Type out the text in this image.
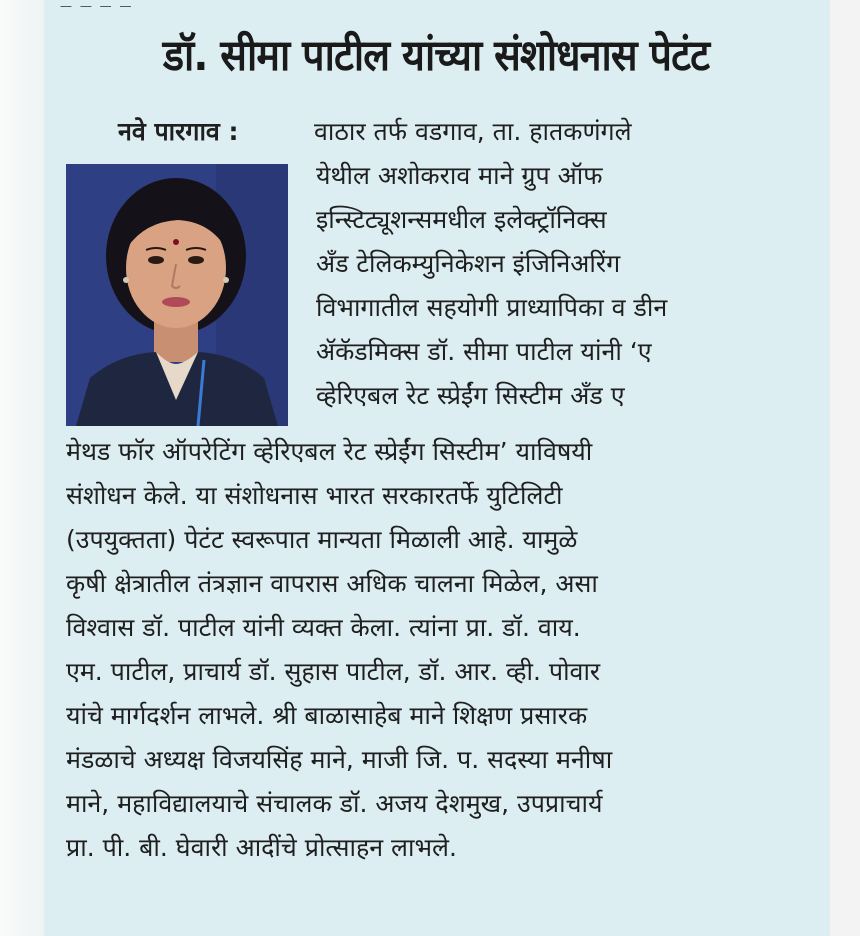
— — — —
डॉ. सीमा पाटील यांच्या संशोधनास पेटंट
नवे पारगाव :	वाठार तर्फ वडगाव, ता. हातकणंगले
येथील अशोकराव माने ग्रुप ऑफ
इन्स्टिट्यूशन्समधील इलेक्ट्रॉनिक्स
अँड टेलिकम्युनिकेशन इंजिनिअरिंग
विभागातील सहयोगी प्राध्यापिका व डीन
ॲकॅडमिक्स डॉ. सीमा पाटील यांनी ‘ए
व्हेरिएबल रेट स्प्रेईंग सिस्टीम अँड ए
मेथड फॉर ऑपरेटिंग व्हेरिएबल रेट स्प्रेईंग सिस्टीम’ याविषयी
संशोधन केले. या संशोधनास भारत सरकारतर्फे युटिलिटी
(उपयुक्तता) पेटंट स्वरूपात मान्यता मिळाली आहे. यामुळे
कृषी क्षेत्रातील तंत्रज्ञान वापरास अधिक चालना मिळेल, असा
विश्वास डॉ. पाटील यांनी व्यक्त केला. त्यांना प्रा. डॉ. वाय.
एम. पाटील, प्राचार्य डॉ. सुहास पाटील, डॉ. आर. व्ही. पोवार
यांचे मार्गदर्शन लाभले. श्री बाळासाहेब माने शिक्षण प्रसारक
मंडळाचे अध्यक्ष विजयसिंह माने, माजी जि. प. सदस्या मनीषा
माने, महाविद्यालयाचे संचालक डॉ. अजय देशमुख, उपप्राचार्य
प्रा. पी. बी. घेवारी आदींचे प्रोत्साहन लाभले.
